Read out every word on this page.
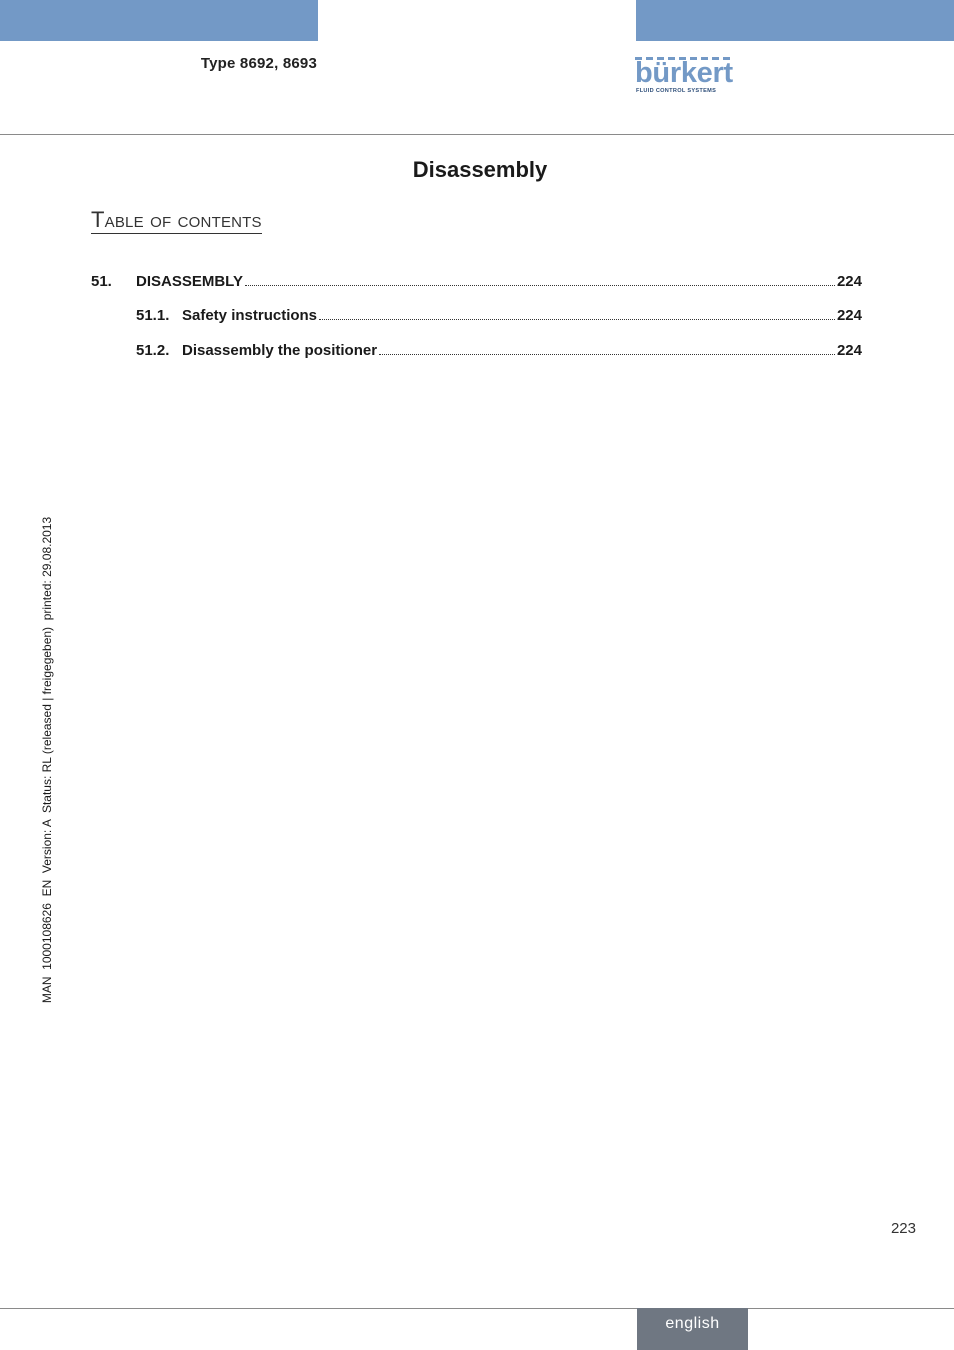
Type 8692, 8693	bürkert
FLUID CONTROL SYSTEMS
Disassembly
Table of contents
51.	DISASSEMBLY	224
51.1. Safety instructions	224
51.2. Disassembly the positioner	224
MAN  1000108626  EN  Version: A  Status: RL (released | freigegeben)  printed: 29.08.2013
223
english
